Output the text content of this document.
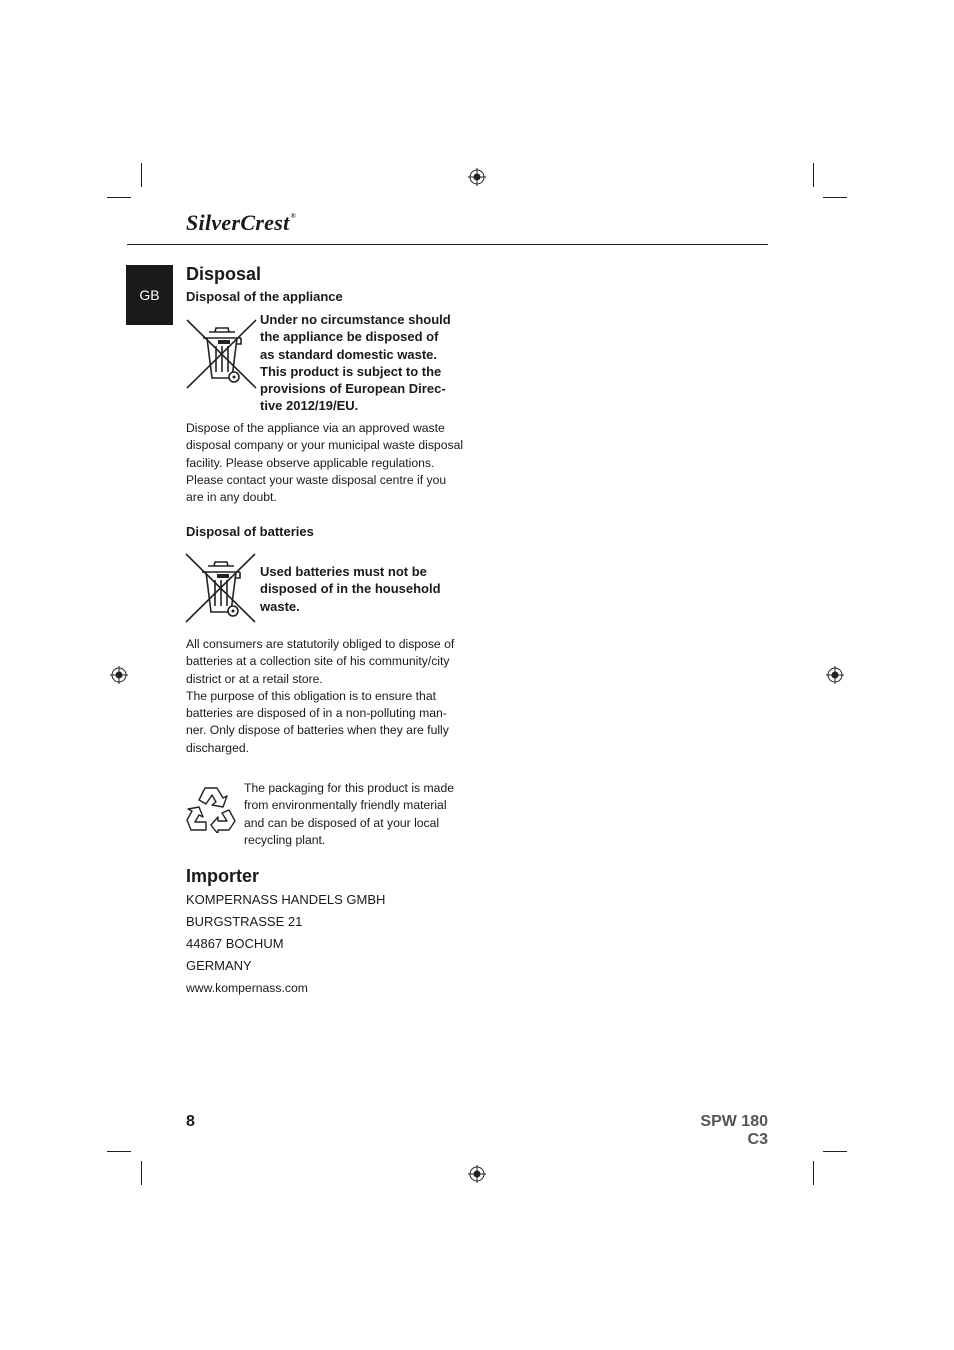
SilverCrest ®
GB
Disposal
Disposal of the appliance
Under no circumstance should
the appliance be disposed of
as standard domestic waste.
This product is subject to the
provisions of European Direc-
tive 2012/19/EU.
Dispose of the appliance via an approved waste
disposal company or your municipal waste disposal
facility. Please observe applicable regulations.
Please contact your waste disposal centre if you
are in any doubt.
Disposal of batteries
Used batteries must not be
disposed of in the household
waste.
All consumers are statutorily obliged to dispose of
batteries at a collection site of his community/city
district or at a retail store.
The purpose of this obligation is to ensure that
batteries are disposed of in a non-polluting man-
ner. Only dispose of batteries when they are fully
discharged.
The packaging for this product is made
from environmentally friendly material
and can be disposed of at your local
recycling plant.
Importer
KOMPERNASS HANDELS GMBH
BURGSTRASSE 21
44867 BOCHUM
GERMANY
www.kompernass.com
8	SPW 180 C3
